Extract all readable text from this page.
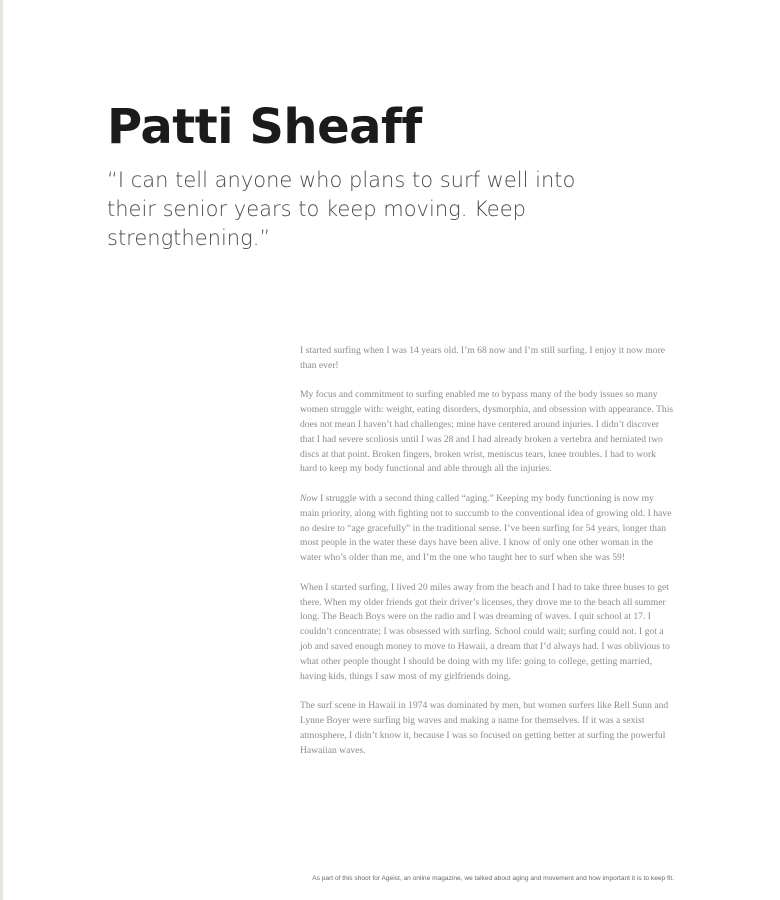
Patti Sheaff

“I can tell anyone who plans to surf well into their senior years to keep moving. Keep strengthening.”

I started surfing when I was 14 years old. I’m 68 now and I’m still surfing. I enjoy it now more than ever!

My focus and commitment to surfing enabled me to bypass many of the body issues so many women struggle with: weight, eating disorders, dysmorphia, and obsession with appearance. This does not mean I haven’t had challenges; mine have centered around injuries. I didn’t discover that I had severe scoliosis until I was 28 and I had already broken a vertebra and herniated two discs at that point. Broken fingers, broken wrist, meniscus tears, knee troubles. I had to work hard to keep my body functional and able through all the injuries.

Now I struggle with a second thing called “aging.” Keeping my body functioning is now my main priority, along with fighting not to succumb to the conventional idea of growing old. I have no desire to “age gracefully” in the traditional sense. I’ve been surfing for 54 years, longer than most people in the water these days have been alive. I know of only one other woman in the water who’s older than me, and I’m the one who taught her to surf when she was 59!

When I started surfing, I lived 20 miles away from the beach and I had to take three buses to get there. When my older friends got their driver’s licenses, they drove me to the beach all summer long. The Beach Boys were on the radio and I was dreaming of waves. I quit school at 17. I couldn’t concentrate; I was obsessed with surfing. School could wait; surfing could not. I got a job and saved enough money to move to Hawaii, a dream that I’d always had. I was oblivious to what other people thought I should be doing with my life: going to college, getting married, having kids, things I saw most of my girlfriends doing.

The surf scene in Hawaii in 1974 was dominated by men, but women surfers like Rell Sunn and Lynne Boyer were surfing big waves and making a name for themselves. If it was a sexist atmosphere, I didn’t know it, because I was so focused on getting better at surfing the powerful Hawaiian waves.

As part of this shoot for Ageist, an online magazine, we talked about aging and movement and how important it is to keep fit.
